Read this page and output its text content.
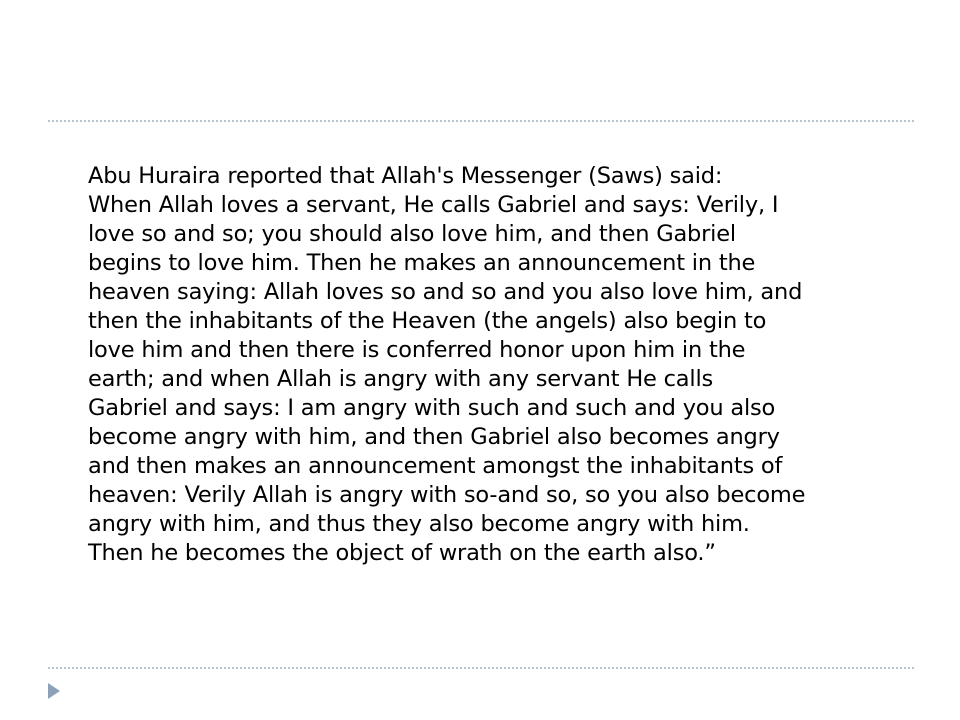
Abu Huraira reported that Allah's Messenger (Saws) said:
When Allah loves a servant, He calls Gabriel and says: Verily, I
love so and so; you should also love him, and then Gabriel
begins to love him. Then he makes an announcement in the
heaven saying: Allah loves so and so and you also love him, and
then the inhabitants of the Heaven (the angels) also begin to
love him and then there is conferred honor upon him in the
earth; and when Allah is angry with any servant He calls
Gabriel and says: I am angry with such and such and you also
become angry with him, and then Gabriel also becomes angry
and then makes an announcement amongst the inhabitants of
heaven: Verily Allah is angry with so-and so, so you also become
angry with him, and thus they also become angry with him.
Then he becomes the object of wrath on the earth also.”
